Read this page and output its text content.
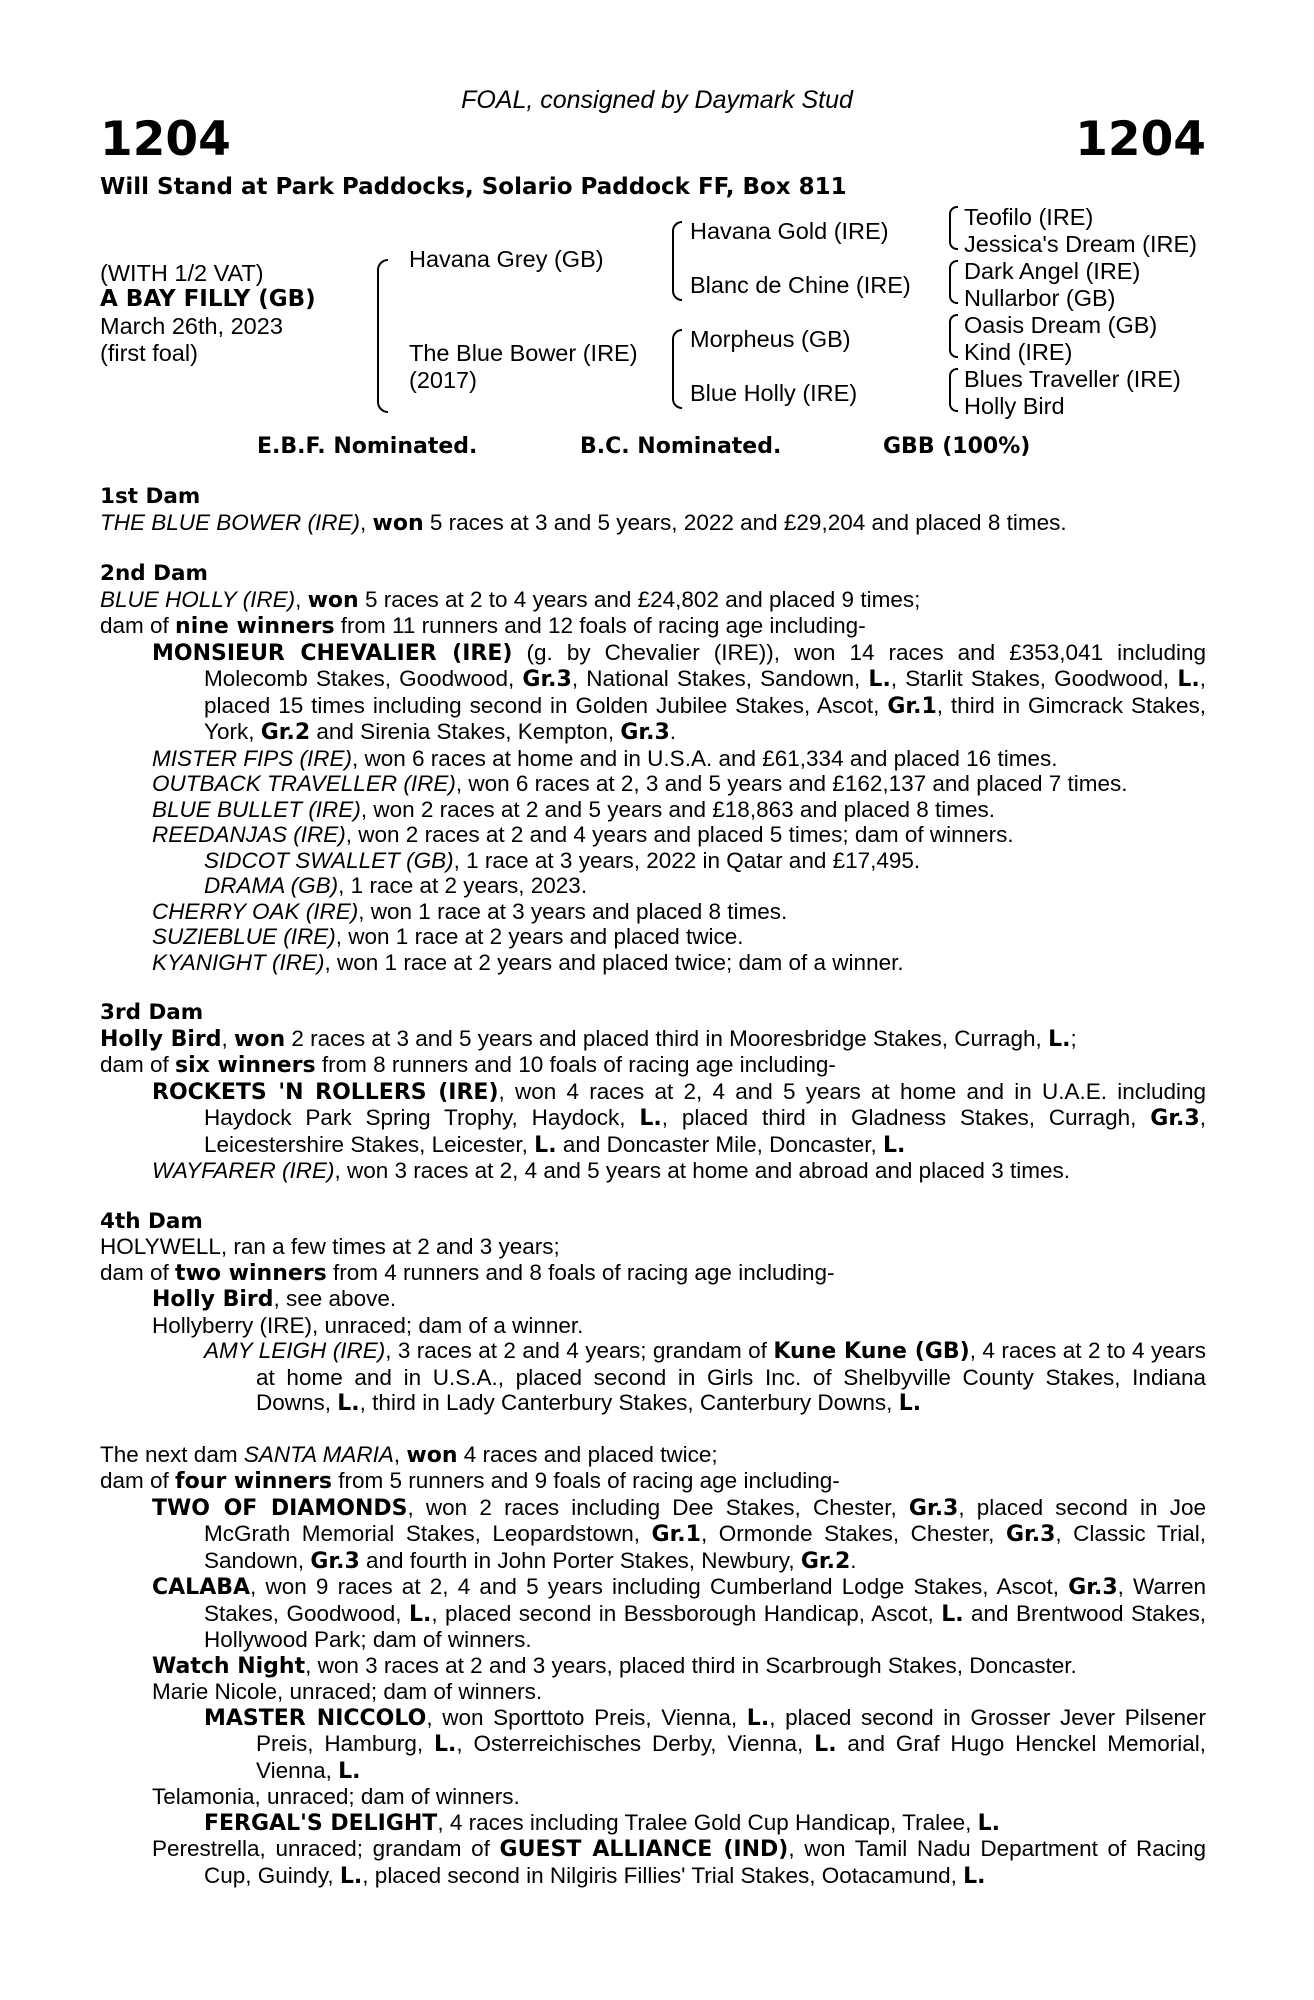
FOAL, consigned by Daymark Stud
1204	1204
Will Stand at Park Paddocks, Solario Paddock FF, Box 811
(WITH 1/2 VAT)
A BAY FILLY (GB)
March 26th, 2023
(first foal)
Havana Grey (GB)
The Blue Bower (IRE)
(2017)
Havana Gold (IRE)
Blanc de Chine (IRE)
Morpheus (GB)
Blue Holly (IRE)
Teofilo (IRE)
Jessica's Dream (IRE)
Dark Angel (IRE)
Nullarbor (GB)
Oasis Dream (GB)
Kind (IRE)
Blues Traveller (IRE)
Holly Bird
E.B.F. Nominated.	B.C. Nominated.	GBB (100%)
1st Dam
THE BLUE BOWER (IRE), won 5 races at 3 and 5 years, 2022 and £29,204 and placed 8 times.
2nd Dam
BLUE HOLLY (IRE), won 5 races at 2 to 4 years and £24,802 and placed 9 times;
dam of nine winners from 11 runners and 12 foals of racing age including-
MONSIEUR CHEVALIER (IRE) (g. by Chevalier (IRE)), won 14 races and £353,041 including Molecomb Stakes, Goodwood, Gr.3, National Stakes, Sandown, L., Starlit Stakes, Goodwood, L., placed 15 times including second in Golden Jubilee Stakes, Ascot, Gr.1, third in Gimcrack Stakes, York, Gr.2 and Sirenia Stakes, Kempton, Gr.3.
MISTER FIPS (IRE), won 6 races at home and in U.S.A. and £61,334 and placed 16 times.
OUTBACK TRAVELLER (IRE), won 6 races at 2, 3 and 5 years and £162,137 and placed 7 times.
BLUE BULLET (IRE), won 2 races at 2 and 5 years and £18,863 and placed 8 times.
REEDANJAS (IRE), won 2 races at 2 and 4 years and placed 5 times; dam of winners.
SIDCOT SWALLET (GB), 1 race at 3 years, 2022 in Qatar and £17,495.
DRAMA (GB), 1 race at 2 years, 2023.
CHERRY OAK (IRE), won 1 race at 3 years and placed 8 times.
SUZIEBLUE (IRE), won 1 race at 2 years and placed twice.
KYANIGHT (IRE), won 1 race at 2 years and placed twice; dam of a winner.
3rd Dam
Holly Bird, won 2 races at 3 and 5 years and placed third in Mooresbridge Stakes, Curragh, L.;
dam of six winners from 8 runners and 10 foals of racing age including-
ROCKETS 'N ROLLERS (IRE), won 4 races at 2, 4 and 5 years at home and in U.A.E. including Haydock Park Spring Trophy, Haydock, L., placed third in Gladness Stakes, Curragh, Gr.3, Leicestershire Stakes, Leicester, L. and Doncaster Mile, Doncaster, L.
WAYFARER (IRE), won 3 races at 2, 4 and 5 years at home and abroad and placed 3 times.
4th Dam
HOLYWELL, ran a few times at 2 and 3 years;
dam of two winners from 4 runners and 8 foals of racing age including-
Holly Bird, see above.
Hollyberry (IRE), unraced; dam of a winner.
AMY LEIGH (IRE), 3 races at 2 and 4 years; grandam of Kune Kune (GB), 4 races at 2 to 4 years at home and in U.S.A., placed second in Girls Inc. of Shelbyville County Stakes, Indiana Downs, L., third in Lady Canterbury Stakes, Canterbury Downs, L.
The next dam SANTA MARIA, won 4 races and placed twice;
dam of four winners from 5 runners and 9 foals of racing age including-
TWO OF DIAMONDS, won 2 races including Dee Stakes, Chester, Gr.3, placed second in Joe McGrath Memorial Stakes, Leopardstown, Gr.1, Ormonde Stakes, Chester, Gr.3, Classic Trial, Sandown, Gr.3 and fourth in John Porter Stakes, Newbury, Gr.2.
CALABA, won 9 races at 2, 4 and 5 years including Cumberland Lodge Stakes, Ascot, Gr.3, Warren Stakes, Goodwood, L., placed second in Bessborough Handicap, Ascot, L. and Brentwood Stakes, Hollywood Park; dam of winners.
Watch Night, won 3 races at 2 and 3 years, placed third in Scarbrough Stakes, Doncaster.
Marie Nicole, unraced; dam of winners.
MASTER NICCOLO, won Sporttoto Preis, Vienna, L., placed second in Grosser Jever Pilsener Preis, Hamburg, L., Osterreichisches Derby, Vienna, L. and Graf Hugo Henckel Memorial, Vienna, L.
Telamonia, unraced; dam of winners.
FERGAL'S DELIGHT, 4 races including Tralee Gold Cup Handicap, Tralee, L.
Perestrella, unraced; grandam of GUEST ALLIANCE (IND), won Tamil Nadu Department of Racing Cup, Guindy, L., placed second in Nilgiris Fillies' Trial Stakes, Ootacamund, L.
